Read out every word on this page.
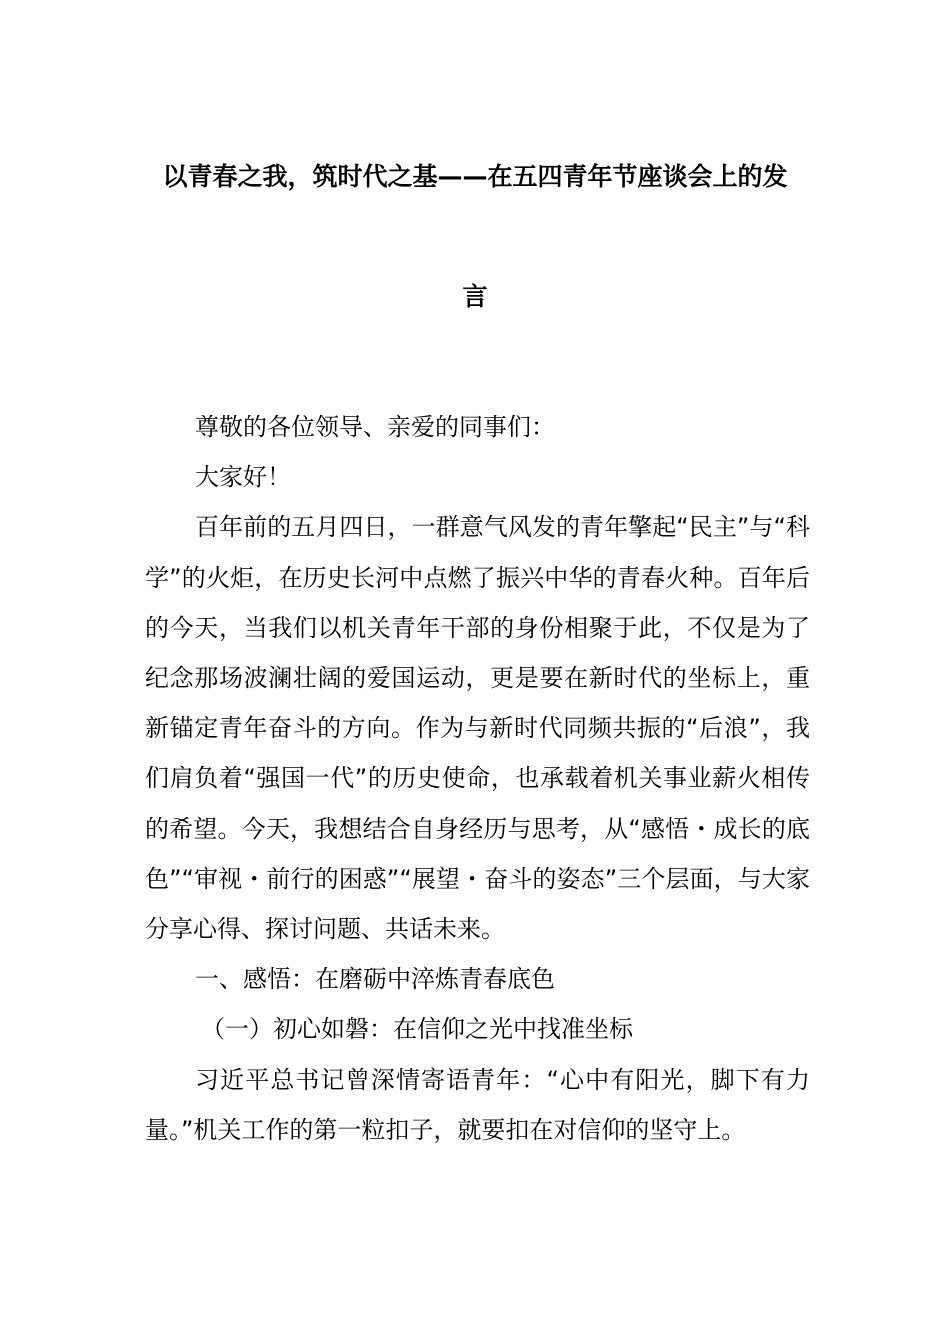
以青春之我，筑时代之基——在五四青年节座谈会上的发
言

尊敬的各位领导、亲爱的同事们：

大家好！

百年前的五月四日，一群意气风发的青年擎起“民主”与“科学”的火炬，在历史长河中点燃了振兴中华的青春火种。百年后的今天，当我们以机关青年干部的身份相聚于此，不仅是为了纪念那场波澜壮阔的爱国运动，更是要在新时代的坐标上，重新锚定青年奋斗的方向。作为与新时代同频共振的“后浪”，我们肩负着“强国一代”的历史使命，也承载着机关事业薪火相传的希望。今天，我想结合自身经历与思考，从“感悟・成长的底色”“审视・前行的困惑”“展望・奋斗的姿态”三个层面，与大家分享心得、探讨问题、共话未来。

一、感悟：在磨砺中淬炼青春底色

（一）初心如磐：在信仰之光中找准坐标

习近平总书记曾深情寄语青年：“心中有阳光，脚下有力量。”机关工作的第一粒扣子，就要扣在对信仰的坚守上。
